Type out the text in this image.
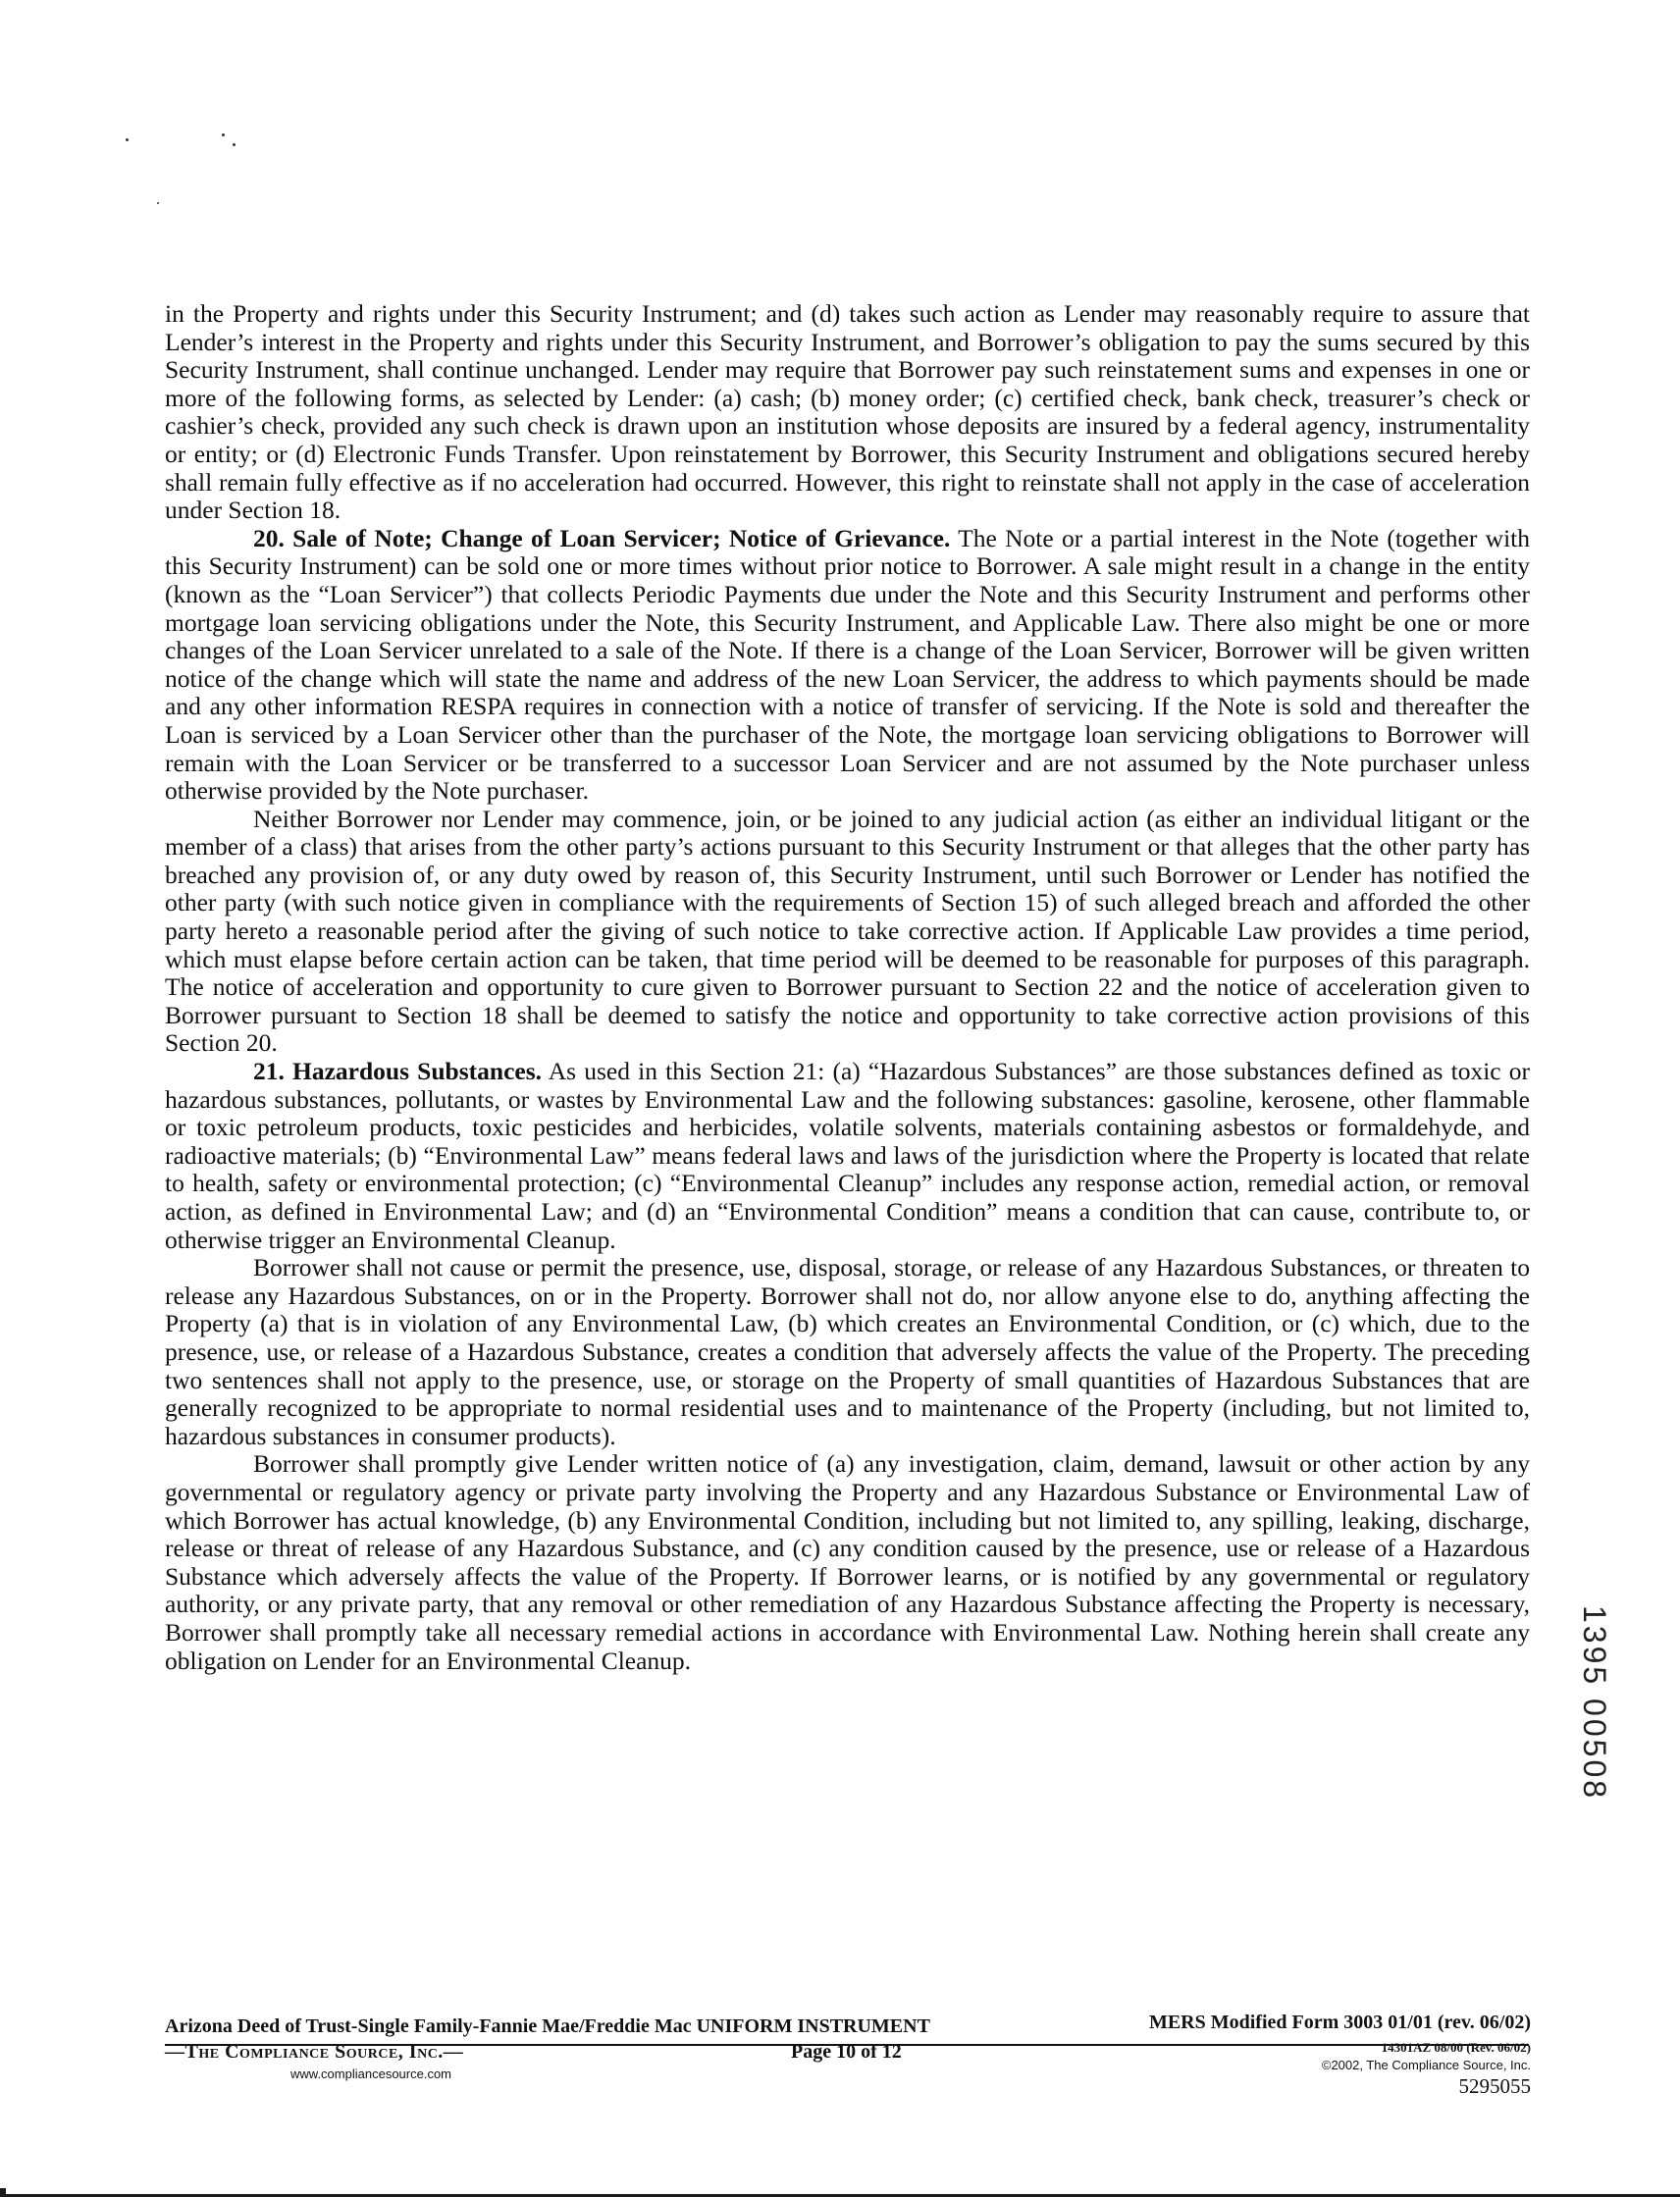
in the Property and rights under this Security Instrument; and (d) takes such action as Lender may reasonably require to assure that Lender’s interest in the Property and rights under this Security Instrument, and Borrower’s obligation to pay the sums secured by this Security Instrument, shall continue unchanged. Lender may require that Borrower pay such reinstatement sums and expenses in one or more of the following forms, as selected by Lender: (a) cash; (b) money order; (c) certified check, bank check, treasurer’s check or cashier’s check, provided any such check is drawn upon an institution whose deposits are insured by a federal agency, instrumentality or entity; or (d) Electronic Funds Transfer. Upon reinstatement by Borrower, this Security Instrument and obligations secured hereby shall remain fully effective as if no acceleration had occurred. However, this right to reinstate shall not apply in the case of acceleration under Section 18.

20. Sale of Note; Change of Loan Servicer; Notice of Grievance. The Note or a partial interest in the Note (together with this Security Instrument) can be sold one or more times without prior notice to Borrower. A sale might result in a change in the entity (known as the “Loan Servicer”) that collects Periodic Payments due under the Note and this Security Instrument and performs other mortgage loan servicing obligations under the Note, this Security Instrument, and Applicable Law. There also might be one or more changes of the Loan Servicer unrelated to a sale of the Note. If there is a change of the Loan Servicer, Borrower will be given written notice of the change which will state the name and address of the new Loan Servicer, the address to which payments should be made and any other information RESPA requires in connection with a notice of transfer of servicing. If the Note is sold and thereafter the Loan is serviced by a Loan Servicer other than the purchaser of the Note, the mortgage loan servicing obligations to Borrower will remain with the Loan Servicer or be transferred to a successor Loan Servicer and are not assumed by the Note purchaser unless otherwise provided by the Note purchaser.

Neither Borrower nor Lender may commence, join, or be joined to any judicial action (as either an individual litigant or the member of a class) that arises from the other party’s actions pursuant to this Security Instrument or that alleges that the other party has breached any provision of, or any duty owed by reason of, this Security Instrument, until such Borrower or Lender has notified the other party (with such notice given in compliance with the requirements of Section 15) of such alleged breach and afforded the other party hereto a reasonable period after the giving of such notice to take corrective action. If Applicable Law provides a time period, which must elapse before certain action can be taken, that time period will be deemed to be reasonable for purposes of this paragraph. The notice of acceleration and opportunity to cure given to Borrower pursuant to Section 22 and the notice of acceleration given to Borrower pursuant to Section 18 shall be deemed to satisfy the notice and opportunity to take corrective action provisions of this Section 20.

21. Hazardous Substances. As used in this Section 21: (a) “Hazardous Substances” are those substances defined as toxic or hazardous substances, pollutants, or wastes by Environmental Law and the following substances: gasoline, kerosene, other flammable or toxic petroleum products, toxic pesticides and herbicides, volatile solvents, materials containing asbestos or formaldehyde, and radioactive materials; (b) “Environmental Law” means federal laws and laws of the jurisdiction where the Property is located that relate to health, safety or environmental protection; (c) “Environmental Cleanup” includes any response action, remedial action, or removal action, as defined in Environmental Law; and (d) an “Environmental Condition” means a condition that can cause, contribute to, or otherwise trigger an Environmental Cleanup.

Borrower shall not cause or permit the presence, use, disposal, storage, or release of any Hazardous Substances, or threaten to release any Hazardous Substances, on or in the Property. Borrower shall not do, nor allow anyone else to do, anything affecting the Property (a) that is in violation of any Environmental Law, (b) which creates an Environmental Condition, or (c) which, due to the presence, use, or release of a Hazardous Substance, creates a condition that adversely affects the value of the Property. The preceding two sentences shall not apply to the presence, use, or storage on the Property of small quantities of Hazardous Substances that are generally recognized to be appropriate to normal residential uses and to maintenance of the Property (including, but not limited to, hazardous substances in consumer products).

Borrower shall promptly give Lender written notice of (a) any investigation, claim, demand, lawsuit or other action by any governmental or regulatory agency or private party involving the Property and any Hazardous Substance or Environmental Law of which Borrower has actual knowledge, (b) any Environmental Condition, including but not limited to, any spilling, leaking, discharge, release or threat of release of any Hazardous Substance, and (c) any condition caused by the presence, use or release of a Hazardous Substance which adversely affects the value of the Property. If Borrower learns, or is notified by any governmental or regulatory authority, or any private party, that any removal or other remediation of any Hazardous Substance affecting the Property is necessary, Borrower shall promptly take all necessary remedial actions in accordance with Environmental Law. Nothing herein shall create any obligation on Lender for an Environmental Cleanup.	1395 00508
Arizona Deed of Trust-Single Family-Fannie Mae/Freddie Mac UNIFORM INSTRUMENT
—The Compliance Source, Inc.—
www.compliancesource.com
Page 10 of 12
MERS Modified Form 3003 01/01 (rev. 06/02)
14301AZ 08/00 (Rev. 06/02)
©2002, The Compliance Source, Inc.
5295055
